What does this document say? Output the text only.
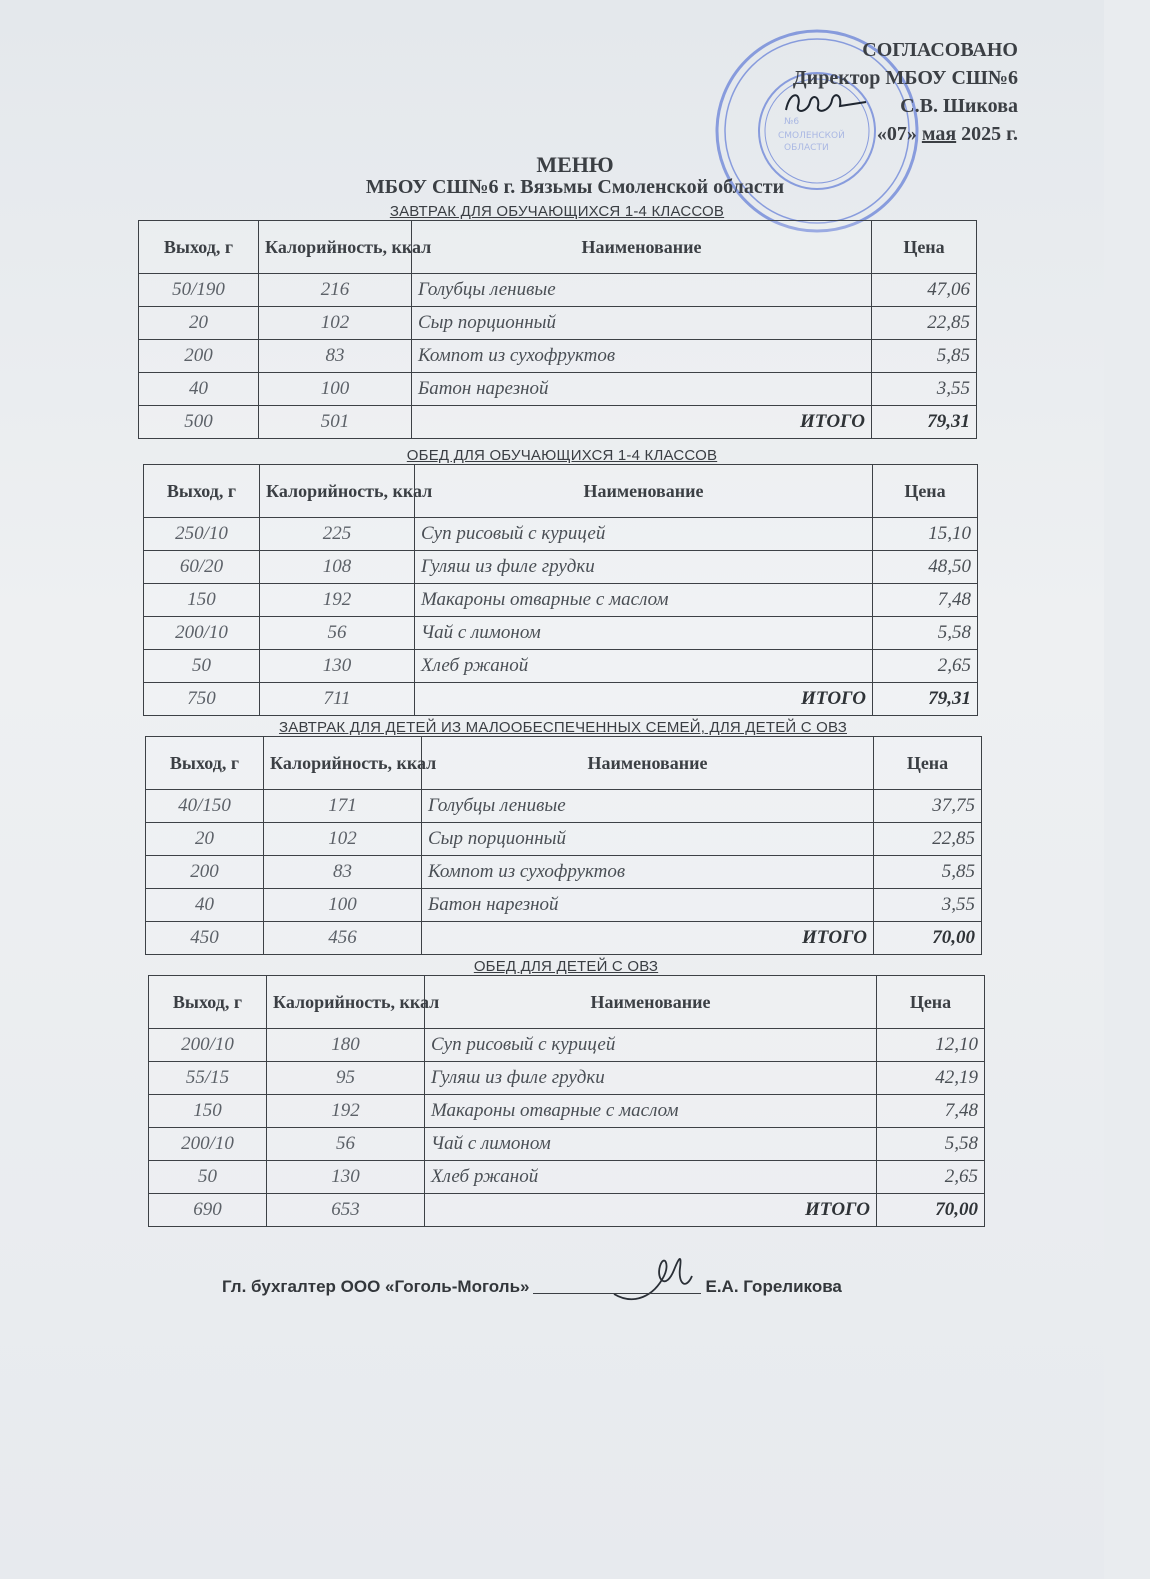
№6
СМОЛЕНСКОЙ
ОБЛАСТИ
СОГЛАСОВАНО
Директор МБОУ СШ№6
С.В. Шикова
«07» мая 2025 г.
МЕНЮ
МБОУ СШ№6 г. Вязьмы Смоленской области
ЗАВТРАК ДЛЯ ОБУЧАЮЩИХСЯ 1-4 КЛАССОВ
Выход, г	Калорийность, ккал	Наименование	Цена
50/190	216	Голубцы ленивые	47,06
20	102	Сыр порционный	22,85
200	83	Компот из сухофруктов	5,85
40	100	Батон нарезной	3,55
500	501	ИТОГО	79,31
ОБЕД ДЛЯ ОБУЧАЮЩИХСЯ 1-4 КЛАССОВ
Выход, г	Калорийность, ккал	Наименование	Цена
250/10	225	Суп рисовый с курицей	15,10
60/20	108	Гуляш из филе грудки	48,50
150	192	Макароны отварные с маслом	7,48
200/10	56	Чай с лимоном	5,58
50	130	Хлеб ржаной	2,65
750	711	ИТОГО	79,31
ЗАВТРАК ДЛЯ ДЕТЕЙ ИЗ МАЛООБЕСПЕЧЕННЫХ СЕМЕЙ, ДЛЯ ДЕТЕЙ С ОВЗ
Выход, г	Калорийность, ккал	Наименование	Цена
40/150	171	Голубцы ленивые	37,75
20	102	Сыр порционный	22,85
200	83	Компот из сухофруктов	5,85
40	100	Батон нарезной	3,55
450	456	ИТОГО	70,00
ОБЕД ДЛЯ ДЕТЕЙ С ОВЗ
Выход, г	Калорийность, ккал	Наименование	Цена
200/10	180	Суп рисовый с курицей	12,10
55/15	95	Гуляш из филе грудки	42,19
150	192	Макароны отварные с маслом	7,48
200/10	56	Чай с лимоном	5,58
50	130	Хлеб ржаной	2,65
690	653	ИТОГО	70,00
Гл. бухгалтер ООО «Гоголь-Моголь»	Е.А. Гореликова
